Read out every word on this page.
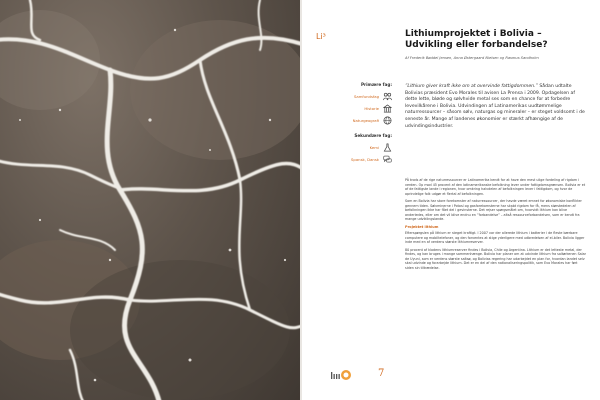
Li³	Lithiumprojektet i Bolivia – Udvikling eller forbandelse?
Af Frederik Bøddel Jensen, Anna Østergaard Nielsen og Rasmus Sandholm
Primære fag:
Samfundsfag
Historie
Naturgeografi
Sekundære fag:
Kemi
Spansk, Dansk
”Lithium giver kraft ikke om at overvinde fattigdommen.” Sådan udtalte Bolivias præsident Evo Morales til avisen La Prensa i 2009. Opdagelsen af dette lette, bløde og sølvhvide metal ses som en chance for at forbedre levevilkårene i Bolivia. Udvindingen af Latinamerikas uudtømmelige naturressourcer – såsom sølv, naturgas og mineraler – er steget voldsomt i de seneste år. Mange af landenes økonomier er stærkt afhængige af de udvindingsindustrier.

På trods af de rige naturressourcer er Latinamerika kendt for at have den mest ulige fordeling af rigdom i verden. Op mod 45 procent af den latinamerikanske befolkning lever under fattigdomsgrænsen. Bolivia er et af de fattigste lande i regionen, hvor omkring halvdelen af befolkningen lever i fattigdom, og hvor de oprindelige folk udgør et flertal af befolkningen.

Som en Bolivia har store forekomster af naturressourcer, der havde været emnet for økonomiske konflikter gennem tiden. Sølvminerne i Potosí og gasforekomsterne har skabt rigdom for få, mens størstedelen af befolkningen ikke har fået del i gevinsterne. Det rejser spørgsmålet om, hvorvidt lithium kan blive anderledes, eller om det vil blive endnu en ”forbandelse” – altså ressourceforbandelsen, som er kendt fra mange udviklingslande.

Projektet lithium

Efterspørgslen på lithium er steget kraftigt. I 2007 var der allerede lithium i batterier i de fleste bærbare computere og mobiltelefoner, og den forventes at stige yderligere med udbredelsen af el-biler. Bolivia ligger inde med en af verdens største lithiumreserver.

80 procent af klodens lithiumreserver findes i Bolivia, Chile og Argentina. Lithium er det letteste metal, der findes, og kan bruges i mange sammenhænge. Bolivia har planer om at udvinde lithium fra saltørkenen Salar de Uyuni, som er verdens største saltsø, og Bolivias regering har udarbejdet en plan for, hvordan landet selv skal udvinde og forarbejde lithium. Det er en del af den nationaliseringspolitik, som Evo Morales har ført siden sin tiltrædelse.

7
